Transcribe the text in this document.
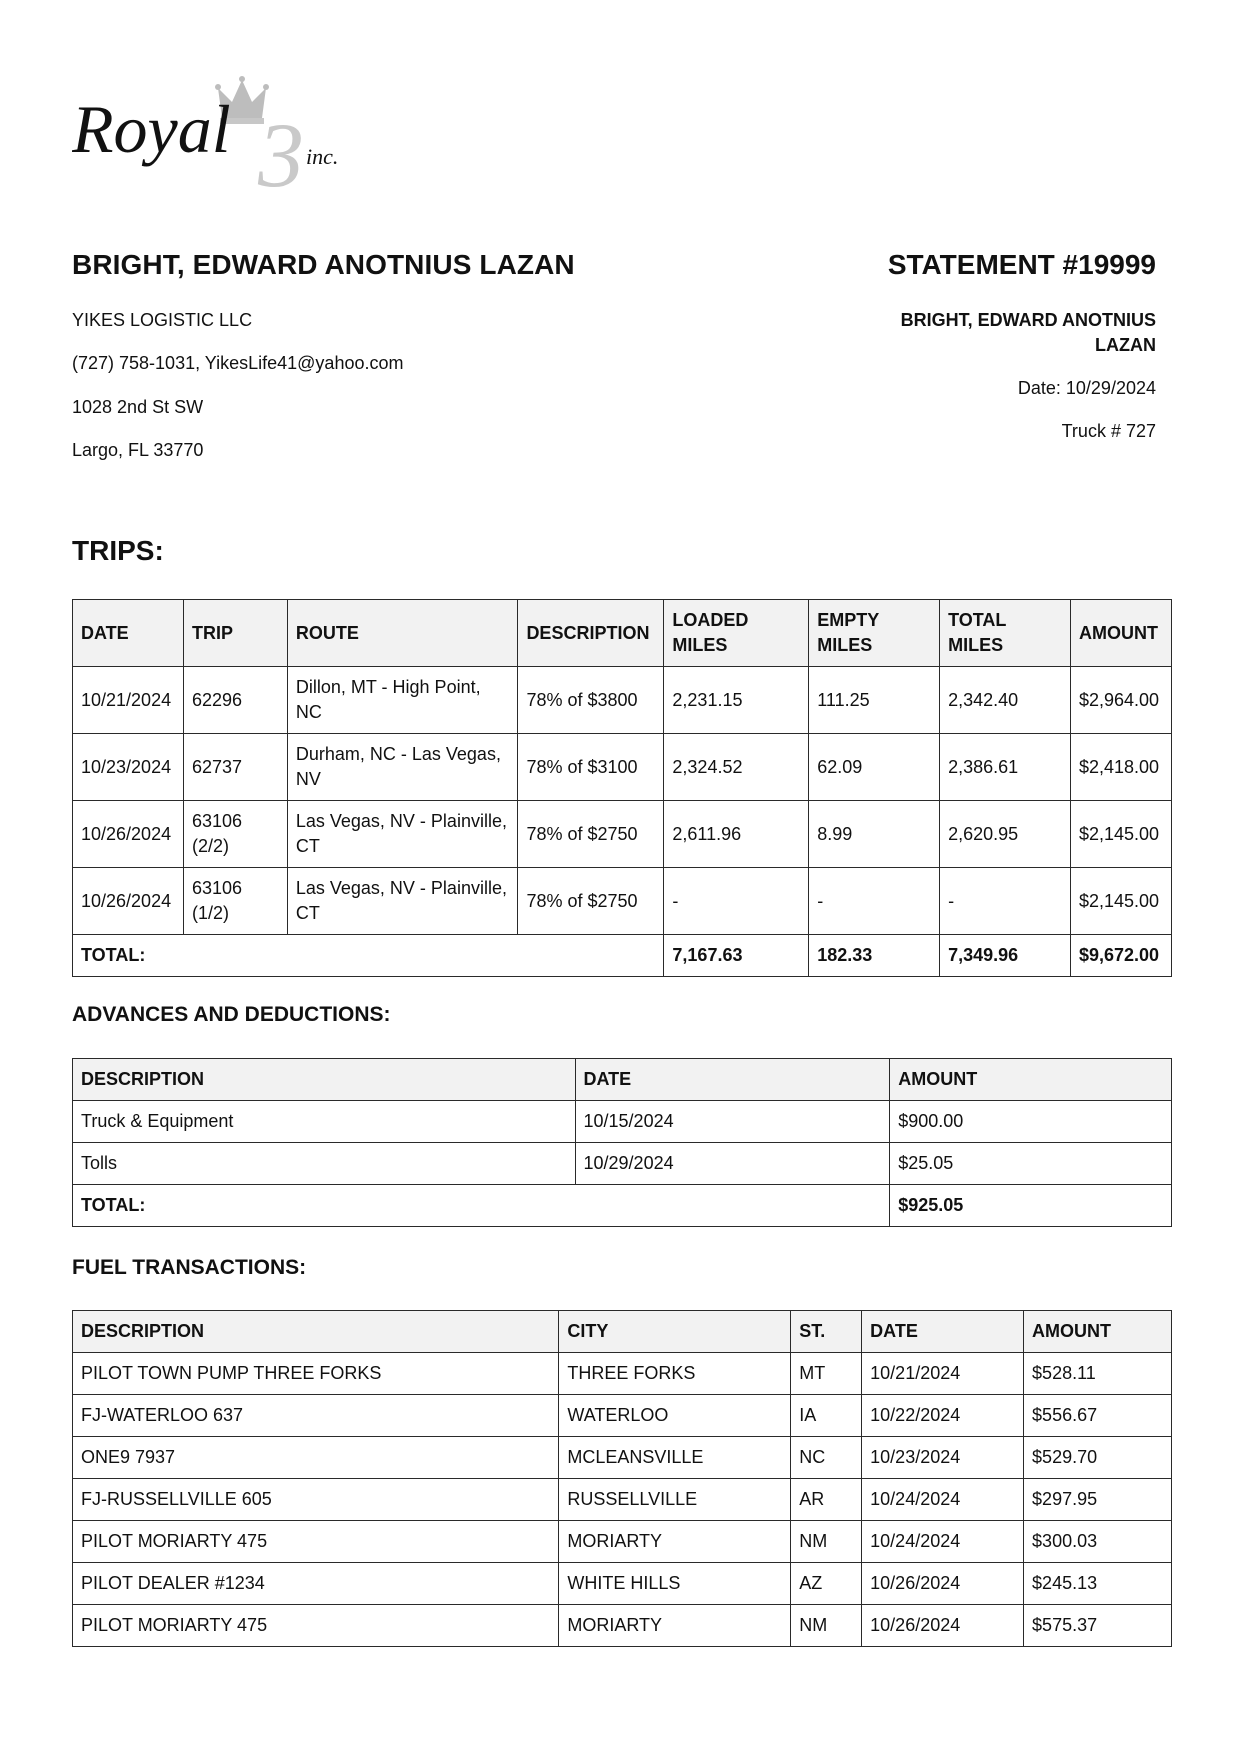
3
Royal	inc.
BRIGHT, EDWARD ANOTNIUS LAZAN	STATEMENT #19999
YIKES LOGISTIC LLC
(727) 758-1031, YikesLife41@yahoo.com
1028 2nd St SW
Largo, FL 33770
BRIGHT, EDWARD ANOTNIUS
LAZAN
Date: 10/29/2024
Truck # 727
TRIPS:
DATE	TRIP	ROUTE	DESCRIPTION	LOADED MILES	EMPTY MILES	TOTAL MILES	AMOUNT
10/21/2024	62296	Dillon, MT - High Point, NC	78% of $3800	2,231.15	111.25	2,342.40	$2,964.00
10/23/2024	62737	Durham, NC - Las Vegas, NV	78% of $3100	2,324.52	62.09	2,386.61	$2,418.00
10/26/2024	63106 (2/2)	Las Vegas, NV - Plainville, CT	78% of $2750	2,611.96	8.99	2,620.95	$2,145.00
10/26/2024	63106 (1/2)	Las Vegas, NV - Plainville, CT	78% of $2750	-	-	-	$2,145.00
TOTAL:				7,167.63	182.33	7,349.96	$9,672.00
ADVANCES AND DEDUCTIONS:
DESCRIPTION	DATE	AMOUNT
Truck & Equipment	10/15/2024	$900.00
Tolls	10/29/2024	$25.05
TOTAL:		$925.05
FUEL TRANSACTIONS:
DESCRIPTION	CITY	ST.	DATE	AMOUNT
PILOT TOWN PUMP THREE FORKS	THREE FORKS	MT	10/21/2024	$528.11
FJ-WATERLOO 637	WATERLOO	IA	10/22/2024	$556.67
ONE9 7937	MCLEANSVILLE	NC	10/23/2024	$529.70
FJ-RUSSELLVILLE 605	RUSSELLVILLE	AR	10/24/2024	$297.95
PILOT MORIARTY 475	MORIARTY	NM	10/24/2024	$300.03
PILOT DEALER #1234	WHITE HILLS	AZ	10/26/2024	$245.13
PILOT MORIARTY 475	MORIARTY	NM	10/26/2024	$575.37
